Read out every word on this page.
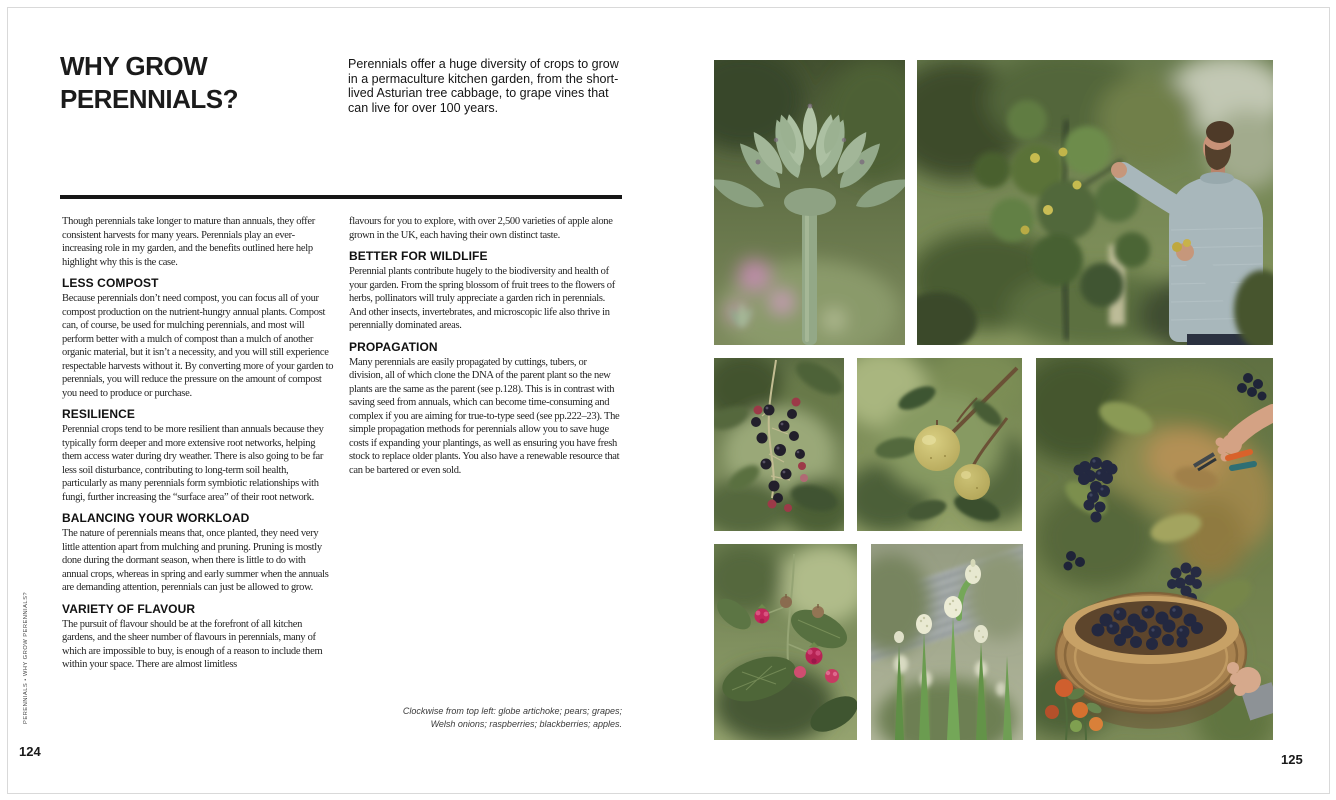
WHY GROW
PERENNIALS?
Perennials offer a huge diversity of crops to grow in a permaculture kitchen garden, from the short-lived Asturian tree cabbage, to grape vines that can live for over 100 years.

Though perennials take longer to mature than annuals, they offer consistent harvests for many years. Perennials play an ever-increasing role in my garden, and the benefits outlined here help highlight why this is the case.

LESS COMPOST

Because perennials don’t need compost, you can focus all of your compost production on the nutrient-hungry annual plants. Compost can, of course, be used for mulching perennials, and most will perform better with a mulch of compost than a mulch of another organic material, but it isn’t a necessity, and you will still experience respectable harvests without it. By converting more of your garden to perennials, you will reduce the pressure on the amount of compost you need to produce or purchase.

RESILIENCE

Perennial crops tend to be more resilient than annuals because they typically form deeper and more extensive root networks, helping them access water during dry weather. There is also going to be far less soil disturbance, contributing to long-term soil health, particularly as many perennials form symbiotic relationships with fungi, further increasing the “surface area” of their root network.

BALANCING YOUR WORKLOAD

The nature of perennials means that, once planted, they need very little attention apart from mulching and pruning. Pruning is mostly done during the dormant season, when there is little to do with annual crops, whereas in spring and early summer when the annuals are demanding attention, perennials can just be allowed to grow.

VARIETY OF FLAVOUR

The pursuit of flavour should be at the forefront of all kitchen gardens, and the sheer number of flavours in perennials, many of which are impossible to buy, is enough of a reason to include them within your space. There are almost limitless

flavours for you to explore, with over 2,500 varieties of apple alone grown in the UK, each having their own distinct taste.

BETTER FOR WILDLIFE

Perennial plants contribute hugely to the biodiversity and health of your garden. From the spring blossom of fruit trees to the flowers of herbs, pollinators will truly appreciate a garden rich in perennials. And other insects, invertebrates, and microscopic life also thrive in perennially dominated areas.

PROPAGATION

Many perennials are easily propagated by cuttings, tubers, or division, all of which clone the DNA of the parent plant so the new plants are the same as the parent (see p.128). This is in contrast with saving seed from annuals, which can become time-consuming and complex if you are aiming for true-to-type seed (see pp.222–23). The simple propagation methods for perennials allow you to save huge costs if expanding your plantings, as well as ensuring you have fresh stock to replace older plants. You also have a renewable resource that can be bartered or even sold.

Clockwise from top left: globe artichoke; pears; grapes; Welsh onions; raspberries; blackberries; apples.
PERENNIALS • WHY GROW PERENNIALS?
124
125
